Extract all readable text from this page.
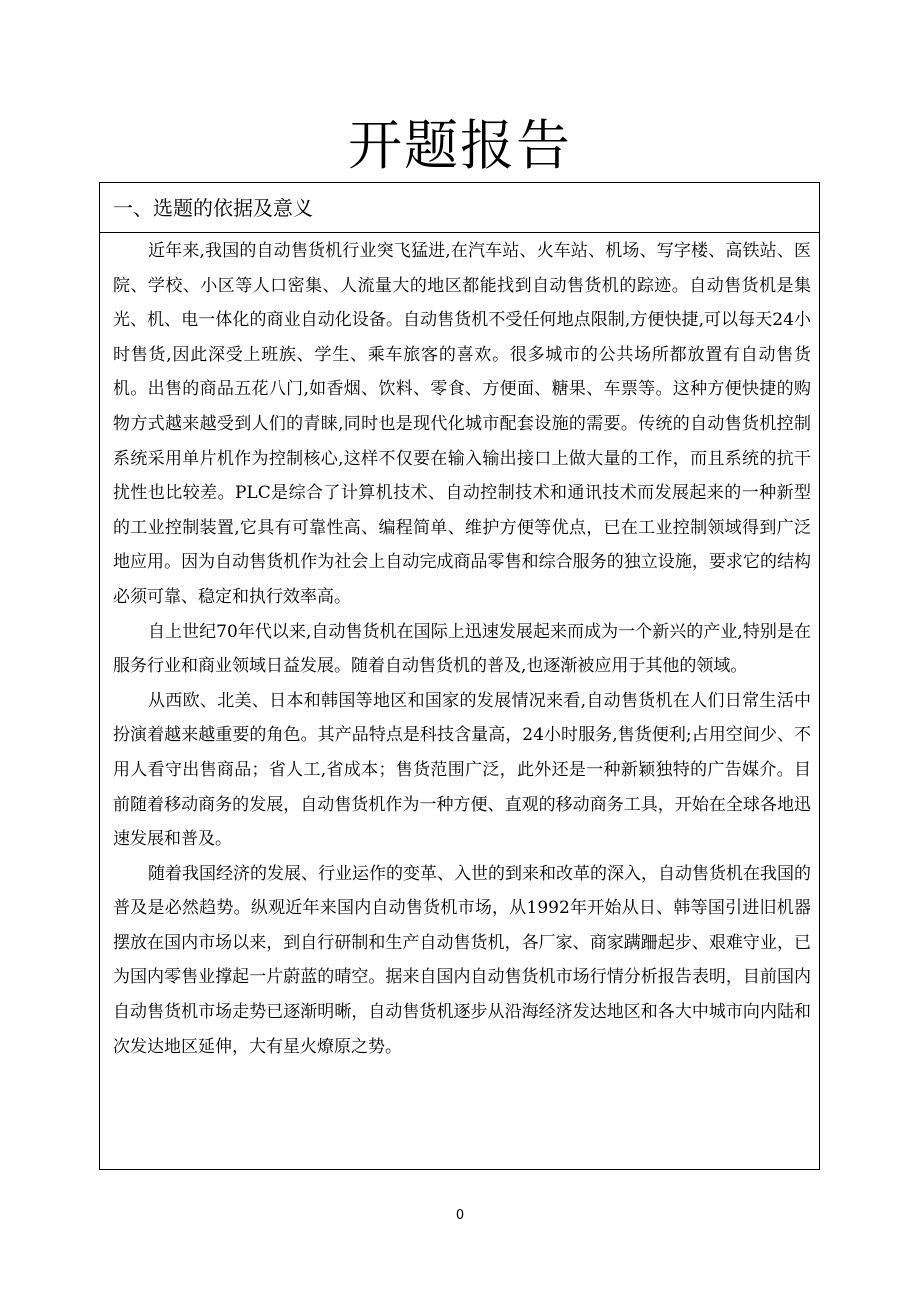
开题报告
一、选题的依据及意义

近年来,我国的自动售货机行业突飞猛进,在汽车站、火车站、机场、写字楼、高铁站、医院、学校、小区等人口密集、人流量大的地区都能找到自动售货机的踪迹。自动售货机是集光、机、电一体化的商业自动化设备。自动售货机不受任何地点限制,方便快捷,可以每天24小时售货,因此深受上班族、学生、乘车旅客的喜欢。很多城市的公共场所都放置有自动售货机。出售的商品五花八门,如香烟、饮料、零食、方便面、糖果、车票等。这种方便快捷的购物方式越来越受到人们的青睐,同时也是现代化城市配套设施的需要。传统的自动售货机控制系统采用单片机作为控制核心,这样不仅要在输入输出接口上做大量的工作，而且系统的抗干扰性也比较差。PLC是综合了计算机技术、自动控制技术和通讯技术而发展起来的一种新型的工业控制装置,它具有可靠性高、编程简单、维护方便等优点，已在工业控制领域得到广泛地应用。因为自动售货机作为社会上自动完成商品零售和综合服务的独立设施，要求它的结构必须可靠、稳定和执行效率高。

自上世纪70年代以来,自动售货机在国际上迅速发展起来而成为一个新兴的产业,特别是在服务行业和商业领域日益发展。随着自动售货机的普及,也逐渐被应用于其他的领域。

从西欧、北美、日本和韩国等地区和国家的发展情况来看,自动售货机在人们日常生活中扮演着越来越重要的角色。其产品特点是科技含量高，24小时服务,售货便利;占用空间少、不用人看守出售商品；省人工,省成本；售货范围广泛，此外还是一种新颖独特的广告媒介。目前随着移动商务的发展，自动售货机作为一种方便、直观的移动商务工具，开始在全球各地迅速发展和普及。

随着我国经济的发展、行业运作的变革、入世的到来和改革的深入，自动售货机在我国的普及是必然趋势。纵观近年来国内自动售货机市场，从1992年开始从日、韩等国引进旧机器摆放在国内市场以来，到自行研制和生产自动售货机，各厂家、商家蹒跚起步、艰难守业，已为国内零售业撑起一片蔚蓝的晴空。据来自国内自动售货机市场行情分析报告表明，目前国内自动售货机市场走势已逐渐明晰，自动售货机逐步从沿海经济发达地区和各大中城市向内陆和次发达地区延伸，大有星火燎原之势。

0
